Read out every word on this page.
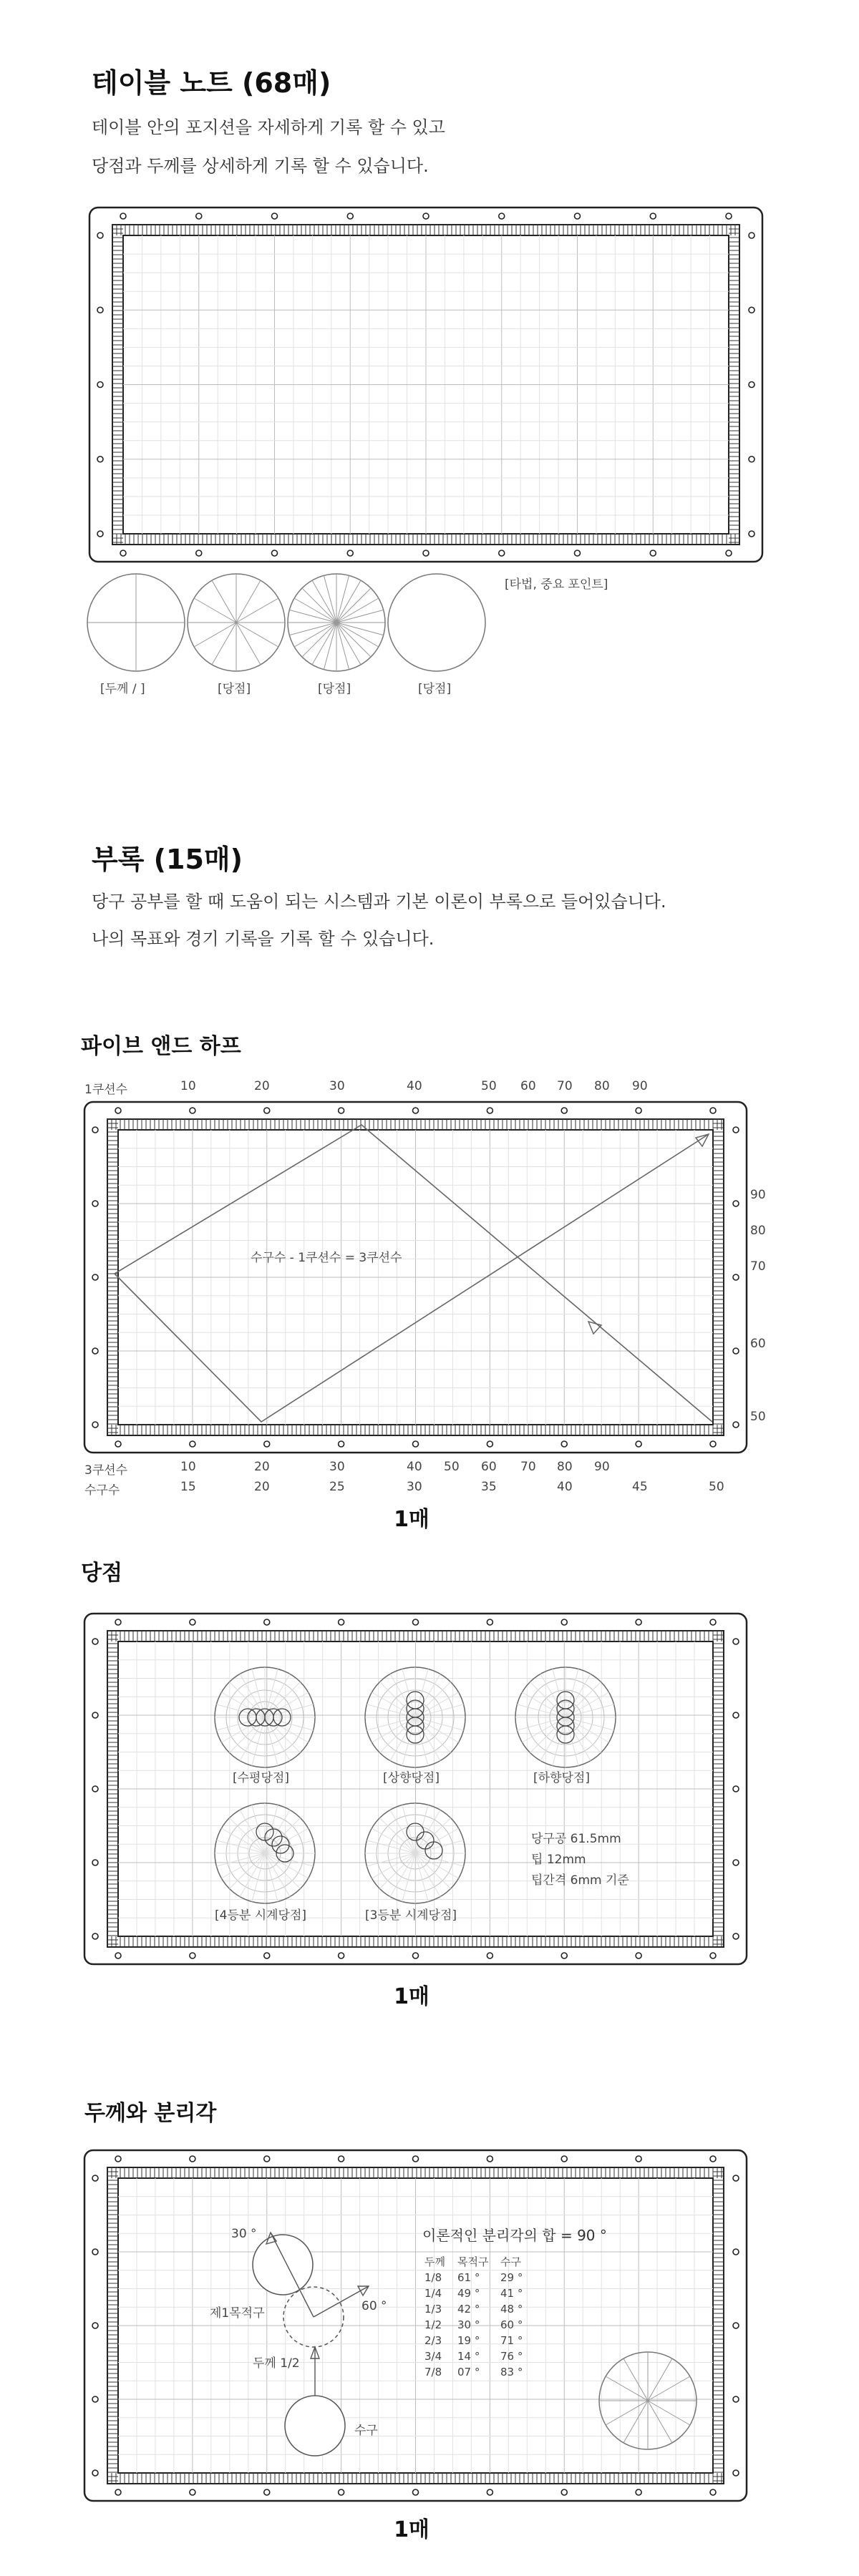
테이블 노트 (68매)
테이블 안의 포지션을 자세하게 기록 할 수 있고
당점과 두께를 상세하게 기록 할 수 있습니다.
[두께 / ]	[당점]	[당점]	[당점]
[타법, 중요 포인트]
부록 (15매)
당구 공부를 할 때 도움이 되는 시스템과 기본 이론이 부록으로 들어있습니다.
나의 목표와 경기 기록을 기록 할 수 있습니다.
파이브 앤드 하프
1쿠션수
3쿠션수
수구수
수구수 - 1쿠션수 = 3쿠션수
1매
당점
[수평당점]	[상향당점]	[하향당점]
[4등분 시계당점]	[3등분 시계당점]
당구공 61.5mm
팁 12mm
팁간격 6mm 기준
1매
두께와 분리각
30 °
60 °
제1목적구
두께 1/2
수구
이론적인 분리각의 합 = 90 °
두께	목적구	수구
1/8	61 °	29 °
1/4	49 °	41 °
1/3	42 °	48 °
1/2	30 °	60 °
2/3	19 °	71 °
3/4	14 °	76 °
7/8	07 °	83 °
1매
10	20	30	40	50 60 70 80 90
90
80
70
60
50
10	20	30	40 50 60 70 80 90
15	20	25	30	35	40	45	50
